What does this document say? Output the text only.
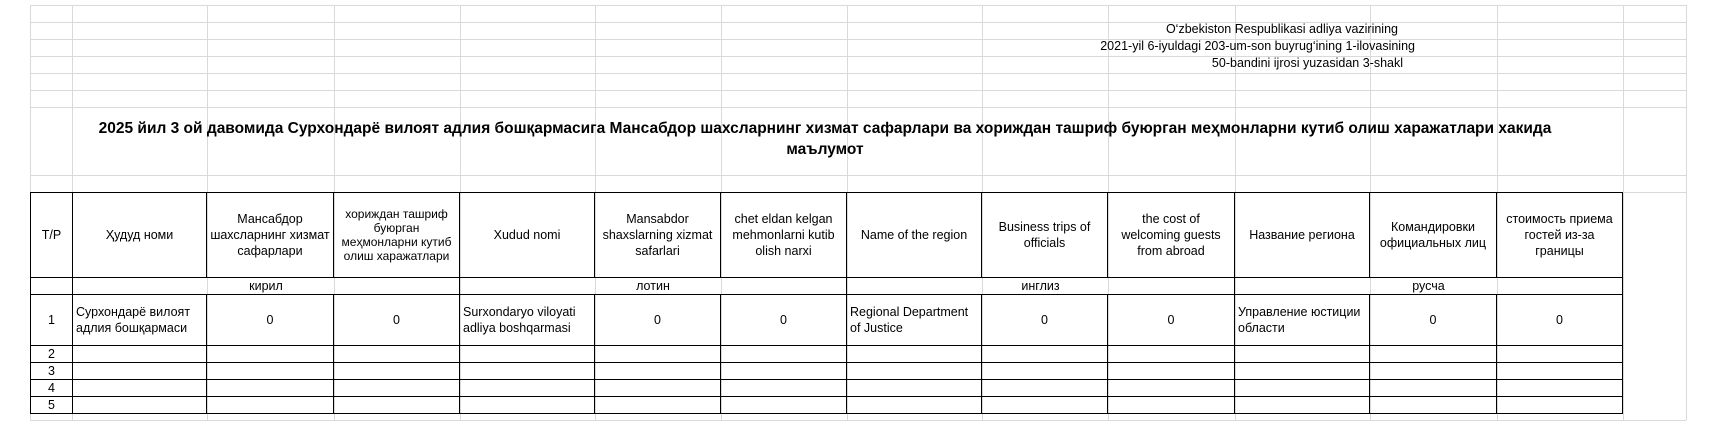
O‘zbekiston Respublikasi adliya vazirining
2021-yil 6-iyuldagi 203-um-son buyrug‘ining 1-ilovasining
50-bandini ijrosi yuzasidan 3-shakl
2025 йил 3 ой давомида Сурхондарё вилоят адлия бошқармасига Мансабдор шахсларнинг хизмат сафарлари ва хориждан ташриф буюрган меҳмонларни кутиб олиш харажатлари хакида маълумот
Т/Р	Ҳудуд номи	Мансабдор шахсларнинг хизмат сафарлари	хориждан ташриф буюрган меҳмонларни кутиб олиш харажатлари	Xudud nomi	Mansabdor shaxslarning xizmat safarlari	chet eldan kelgan mehmonlarni kutib olish narxi	Name of the region	Business trips of officials	the cost of welcoming guests from abroad	Название региона	Командировки официальных лиц	стоимость приема гостей из-за границы
	кирил			лотин			инглиз			русча		
1	Сурхондарё вилоят адлия бошқармаси	0	0	Surxondaryo viloyati adliya boshqarmasi	0	0	Regional Department of Justice	0	0	Управление юстиции области	0	0
2												
3												
4												
5												
